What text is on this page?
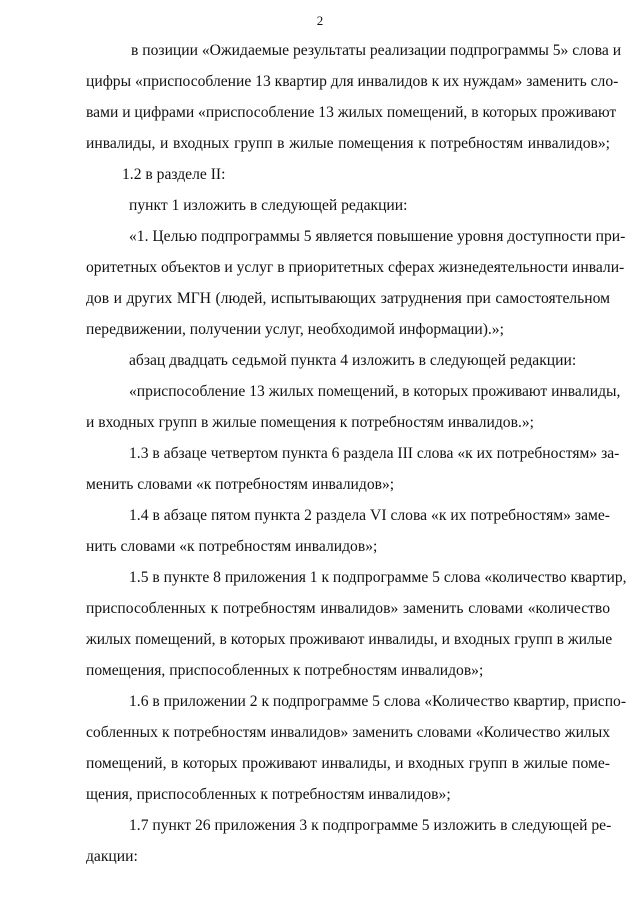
2
в позиции «Ожидаемые результаты реализации подпрограммы 5» слова и
цифры «приспособление 13 квартир для инвалидов к их нуждам» заменить сло-
вами и цифрами «приспособление 13 жилых помещений, в которых проживают
инвалиды, и входных групп в жилые помещения к потребностям инвалидов»;
1.2 в разделе II:
пункт 1 изложить в следующей редакции:
«1. Целью подпрограммы 5 является повышение уровня доступности при-
оритетных объектов и услуг в приоритетных сферах жизнедеятельности инвали-
дов и других МГН (людей, испытывающих затруднения при самостоятельном
передвижении, получении услуг, необходимой информации).»;
абзац двадцать седьмой пункта 4 изложить в следующей редакции:
«приспособление 13 жилых помещений, в которых проживают инвалиды,
и входных групп в жилые помещения к потребностям инвалидов.»;
1.3 в абзаце четвертом пункта 6 раздела III слова «к их потребностям» за-
менить словами «к потребностям инвалидов»;
1.4 в абзаце пятом пункта 2 раздела VI слова «к их потребностям» заме-
нить словами «к потребностям инвалидов»;
1.5 в пункте 8 приложения 1 к подпрограмме 5 слова «количество квартир,
приспособленных к потребностям инвалидов» заменить словами «количество
жилых помещений, в которых проживают инвалиды, и входных групп в жилые
помещения, приспособленных к потребностям инвалидов»;
1.6 в приложении 2 к подпрограмме 5 слова «Количество квартир, приспо-
собленных к потребностям инвалидов» заменить словами «Количество жилых
помещений, в которых проживают инвалиды, и входных групп в жилые поме-
щения, приспособленных к потребностям инвалидов»;
1.7 пункт 26 приложения 3 к подпрограмме 5 изложить в следующей ре-
дакции:
